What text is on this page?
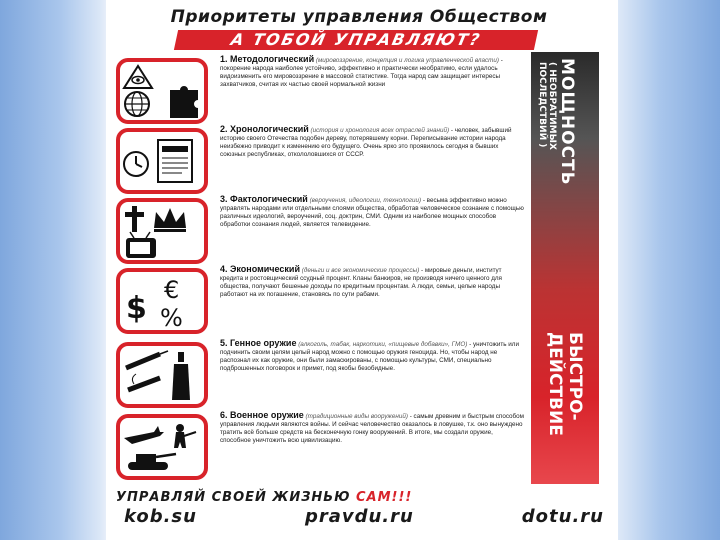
Приоритеты управления Обществом
А ТОБОЙ УПРАВЛЯЮТ?
1. Методологический (мировоззрение, концепция и логика управленческой власти) - покорение народа наиболее устойчиво, эффективно и практически необратимо, если удалось видоизменить его мировоззрение в массовой статистике. Тогда народ сам защищает интересы захватчиков, считая их частью своей нормальной жизни
2. Хронологический (история и хронология всех отраслей знаний) - человек, забывший историю своего Отечества подобен дереву, потерявшему корни. Переписывание истории народа неизбежно приводит к изменению его будущего. Очень ярко это проявилось сегодня в бывших союзных республиках, откололовшихся от СССР.
3. Фактологический (вероучения, идеологии, технологии) - весьма эффективно можно управлять народами или отдельными слоями общества, обработав человеческое сознание с помощью различных идеологий, вероучений, соц. доктрин, СМИ. Одним из наиболее мощных способов обработки сознания людей, является телевидение.
$
€
%
4. Экономический (деньги и все экономические процессы) - мировые деньги, институт кредита и ростовщический ссудный процент. Кланы банкиров, не производя ничего ценного для общества, получают бешеные доходы по кредитным процентам. А люди, семьи, целые народы работают на их погашение, становясь по сути рабами.
5. Генное оружие (алкоголь, табак, наркотики, «пищевые добавки», ГМО) - уничтожить или подчинить своим целям целый народ можно с помощью оружия геноцида. Но, чтобы народ не распознал их как оружие, они были замаскированы, с помощью культуры, СМИ, специально подброшенных поговорок и примет, под якобы безобидные.
6. Военное оружие (традиционные виды вооружений) - самым древним и быстрым способом управления людьми являются войны. И сейчас человечество оказалось в ловушке, т.к. оно вынуждено тратить всё больше средств на бесконечную гонку вооружений. В итоге, мы создали оружие, способное уничтожить всю цивилизацию.
МОЩНОСТЬ
( НЕОБРАТИМЫХ ПОСЛЕДСТВИЙ )
БЫСТРО- ДЕЙСТВИЕ
УПРАВЛЯЙ СВОЕЙ ЖИЗНЬЮ САМ!!!
kob.su	pravdu.ru	dotu.ru
